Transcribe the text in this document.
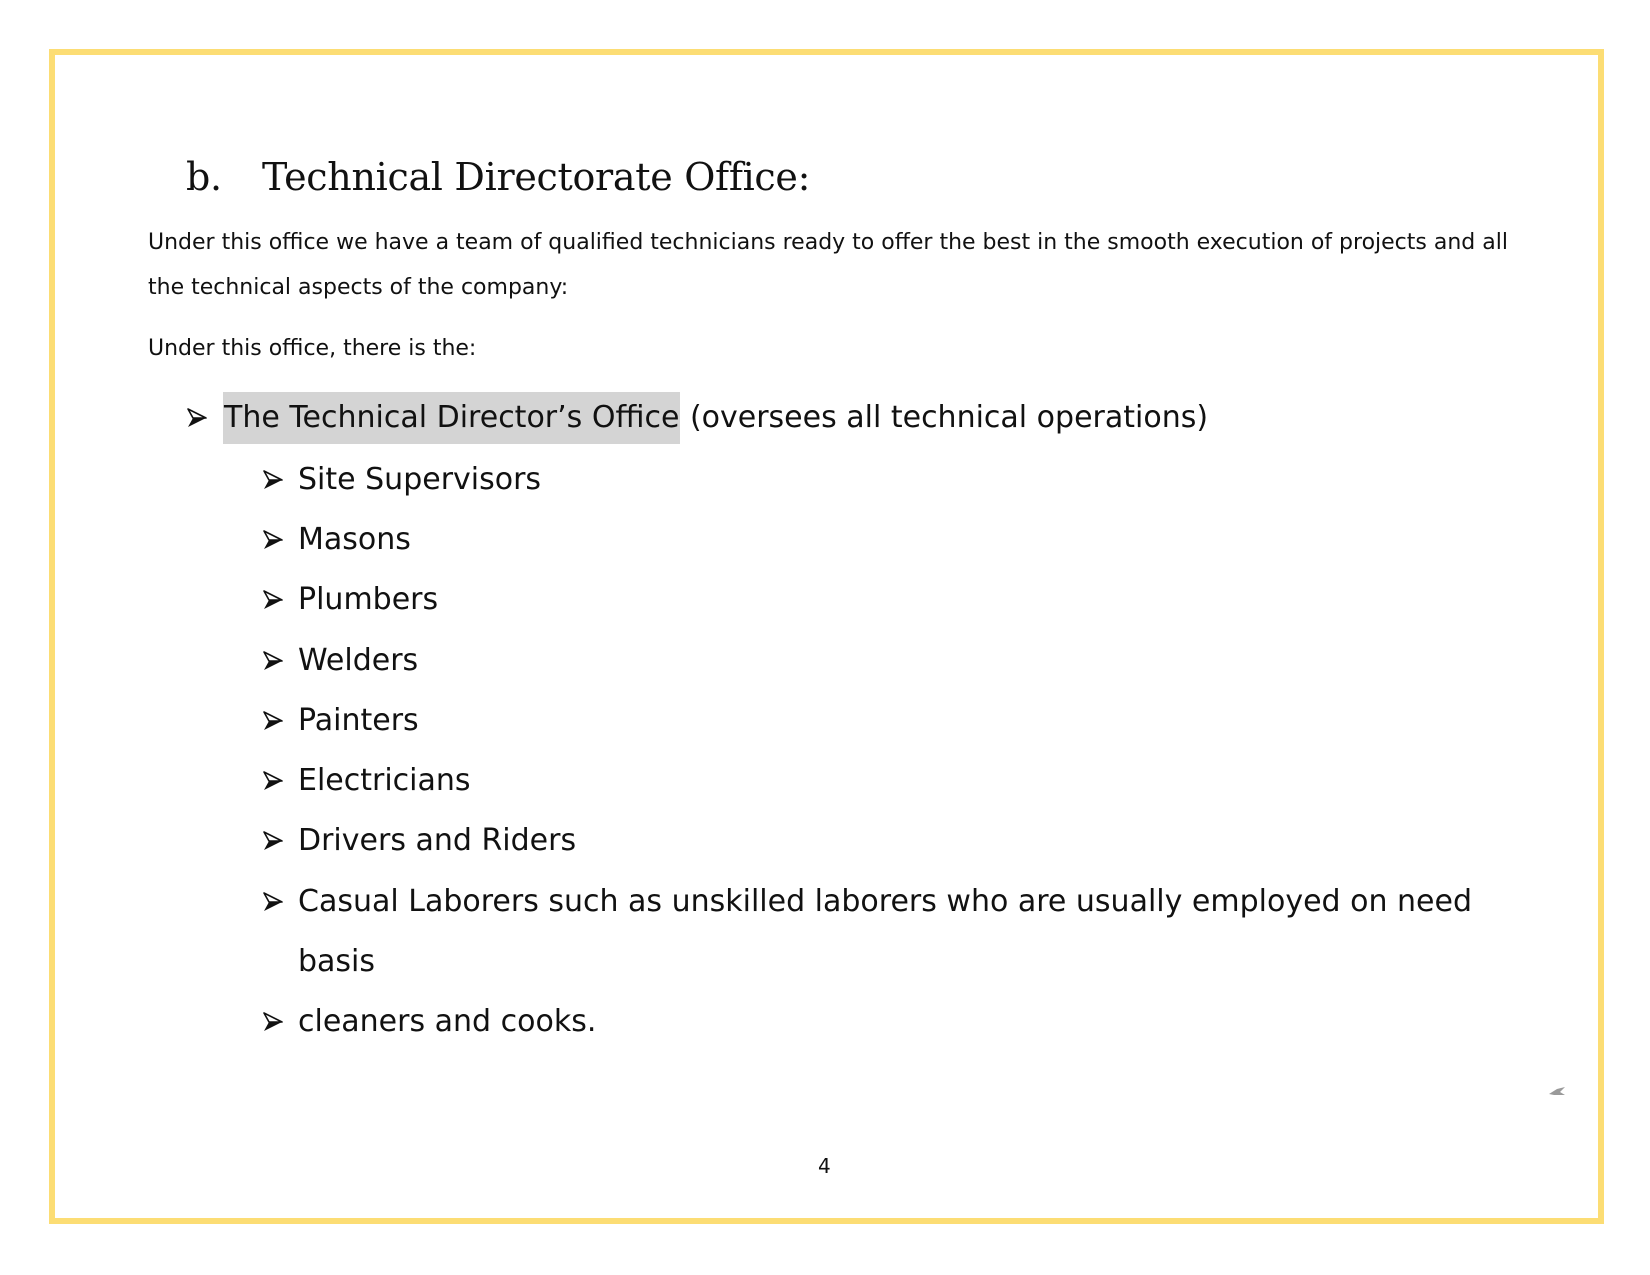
b. Technical Directorate Office:

Under this office we have a team of qualified technicians ready to offer the best in the smooth execution of projects and all the technical aspects of the company:

Under this office, there is the:

The Technical Director’s Office (oversees all technical operations)
Site Supervisors
Masons
Plumbers
Welders
Painters
Electricians
Drivers and Riders
Casual Laborers such as unskilled laborers who are usually employed on need basis
cleaners and cooks.
4
